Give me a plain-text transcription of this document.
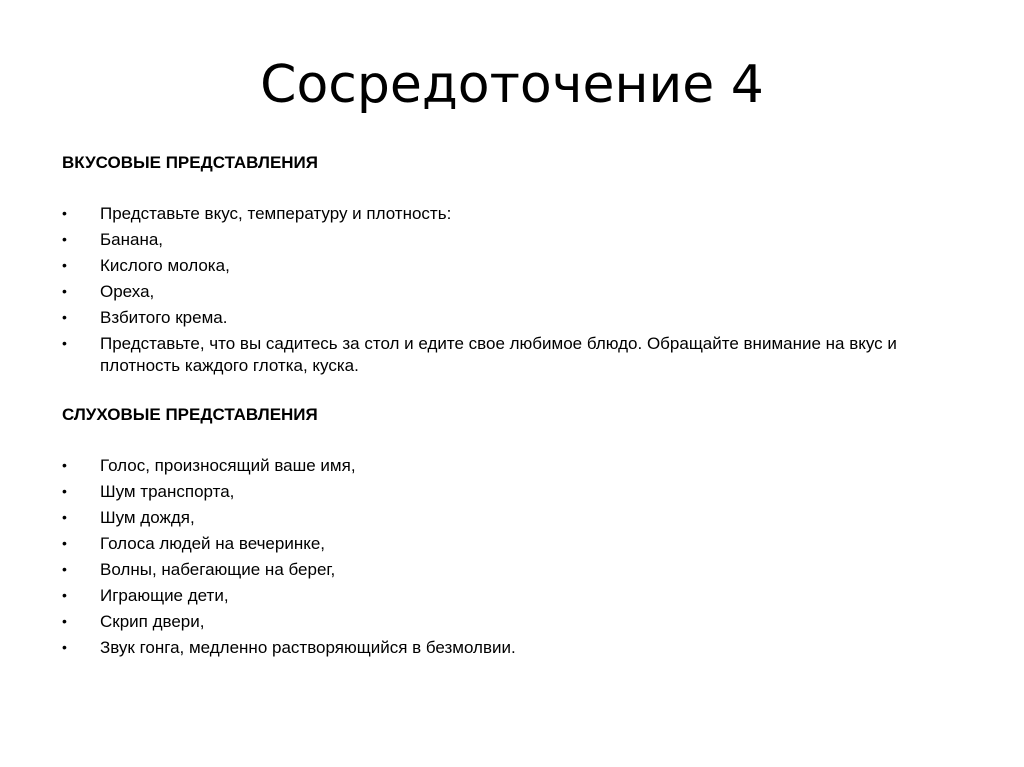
Сосредоточение 4
ВКУСОВЫЕ ПРЕДСТАВЛЕНИЯ
•	Представьте вкус, температуру и плотность:
•	Банана,
•	Кислого молока,
•	Ореха,
•	Взбитого крема.
•	Представьте, что вы садитесь за стол и едите свое любимое блюдо. Обращайте внимание на вкус и плотность каждого глотка, куска.
СЛУХОВЫЕ ПРЕДСТАВЛЕНИЯ
•	Голос, произносящий ваше имя,
•	Шум транспорта,
•	Шум дождя,
•	Голоса людей на вечеринке,
•	Волны, набегающие на берег,
•	Играющие дети,
•	Скрип двери,
•	Звук гонга, медленно растворяющийся в безмолвии.
